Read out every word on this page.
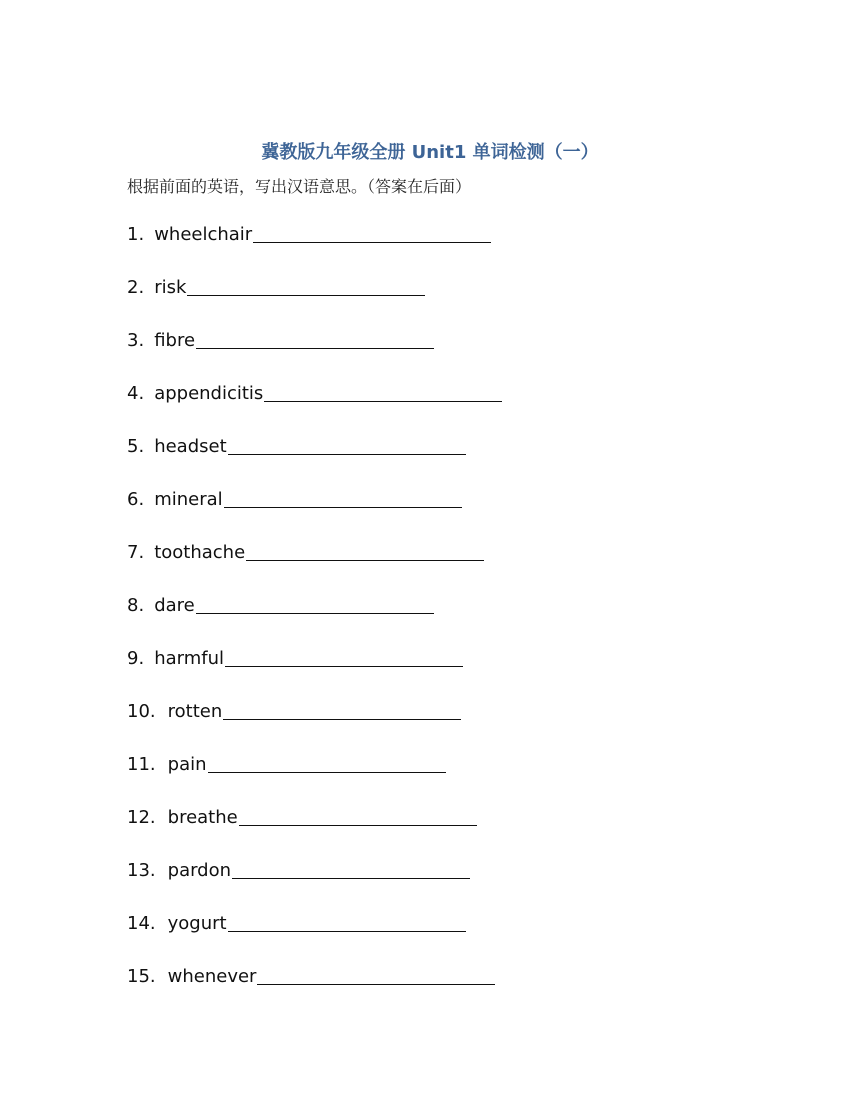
冀教版九年级全册 Unit1 单词检测（一）
根据前面的英语，写出汉语意思。（答案在后面）
1. wheelchair
2. risk
3. fibre
4. appendicitis
5. headset
6. mineral
7. toothache
8. dare
9. harmful
10. rotten
11. pain
12. breathe
13. pardon
14. yogurt
15. whenever
